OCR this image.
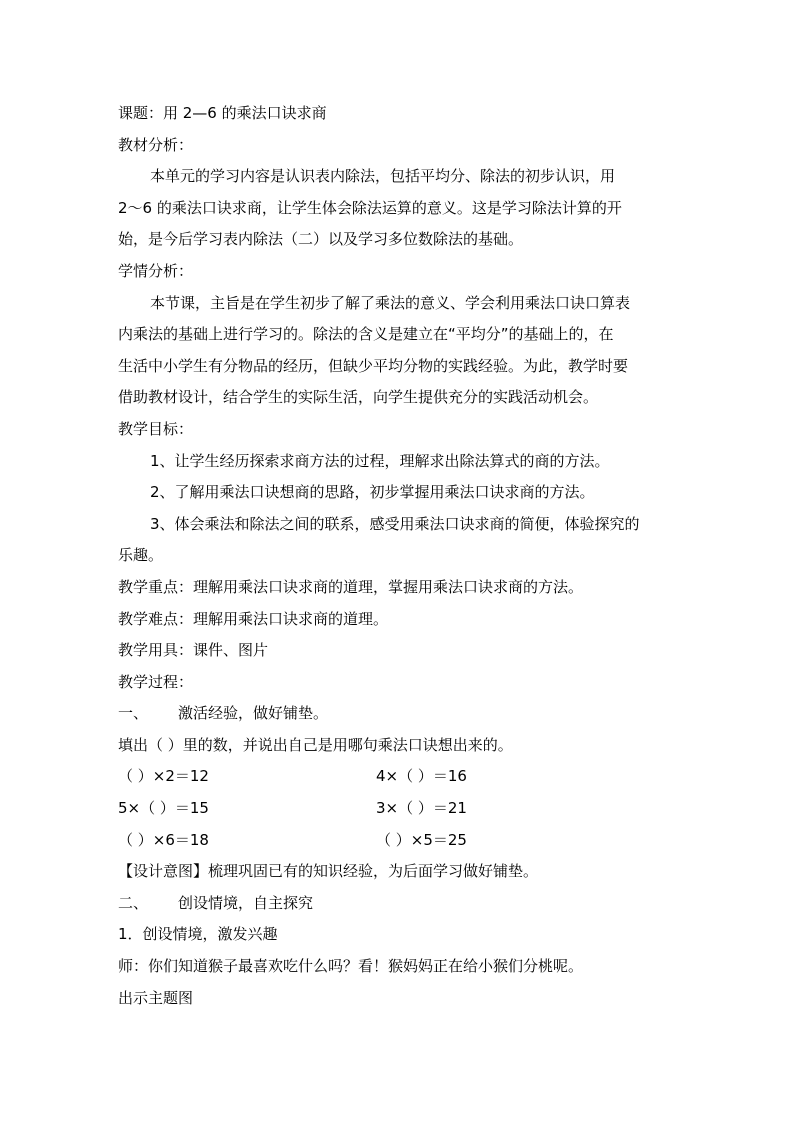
课题：用 2—6 的乘法口诀求商
教材分析：
本单元的学习内容是认识表内除法，包括平均分、除法的初步认识，用
2～6 的乘法口诀求商，让学生体会除法运算的意义。这是学习除法计算的开
始，是今后学习表内除法（二）以及学习多位数除法的基础。
学情分析：
本节课，主旨是在学生初步了解了乘法的意义、学会利用乘法口诀口算表
内乘法的基础上进行学习的。除法的含义是建立在“平均分”的基础上的，在
生活中小学生有分物品的经历，但缺少平均分物的实践经验。为此，教学时要
借助教材设计，结合学生的实际生活，向学生提供充分的实践活动机会。
教学目标：
1、让学生经历探索求商方法的过程，理解求出除法算式的商的方法。
2、了解用乘法口诀想商的思路，初步掌握用乘法口诀求商的方法。
3、体会乘法和除法之间的联系，感受用乘法口诀求商的简便，体验探究的
乐趣。
教学重点：理解用乘法口诀求商的道理，掌握用乘法口诀求商的方法。
教学难点：理解用乘法口诀求商的道理。
教学用具：课件、图片
教学过程：
一、 激活经验，做好铺垫。
填出（ ）里的数，并说出自己是用哪句乘法口诀想出来的。
（ ）×2＝12	4×（ ）＝16
5×（ ）＝15	3×（ ）＝21
（ ）×6＝18	（ ）×5＝25
【设计意图】梳理巩固已有的知识经验，为后面学习做好铺垫。
二、 创设情境，自主探究
1．创设情境，激发兴趣
师：你们知道猴子最喜欢吃什么吗？看！猴妈妈正在给小猴们分桃呢。
出示主题图
